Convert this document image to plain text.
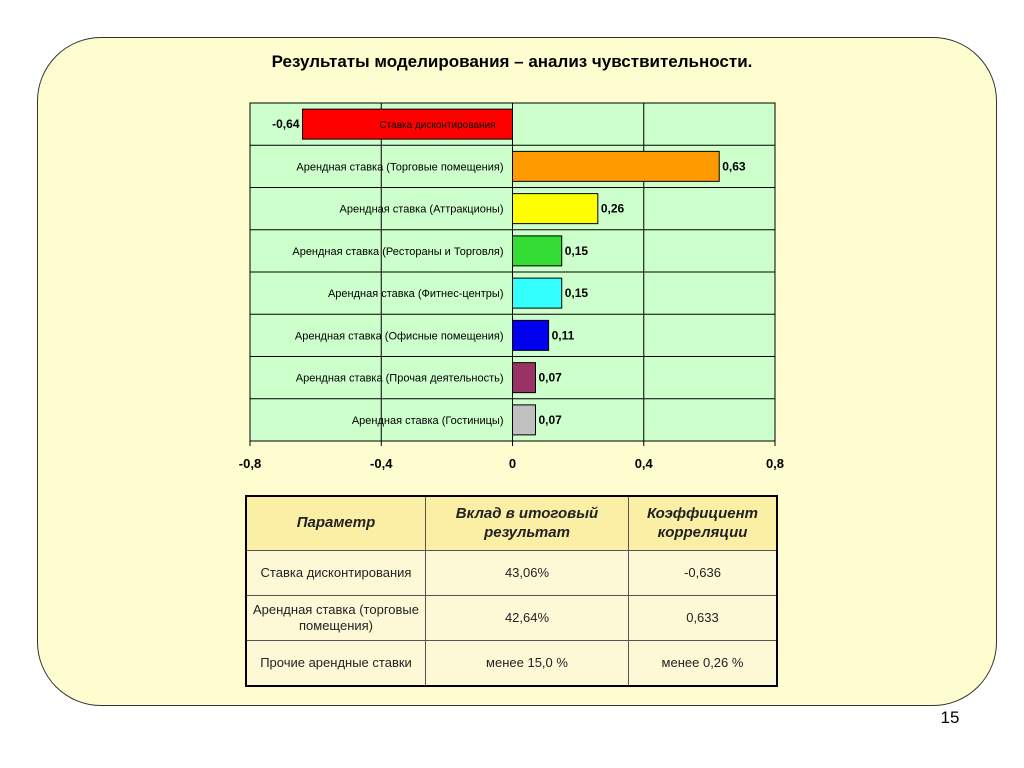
Результаты моделирования – анализ чувствительности.
-0,8	-0,4	0	0,4	0,8
Ставка дисконтирования
-0,64
Арендная ставка (Торговые помещения)	0,63
Арендная ставка (Аттракционы)	0,26
Арендная ставка (Рестораны и Торговля)	0,15
Арендная ставка (Фитнес-центры)	0,15
Арендная ставка (Офисные помещения)	0,11
Арендная ставка (Прочая деятельность)	0,07
Арендная ставка (Гостиницы)	0,07
Параметр	Вклад в итоговый результат	Коэффициент корреляции
Ставка дисконтирования	43,06%	-0,636
Арендная ставка (торговые помещения)	42,64%	0,633
Прочие арендные ставки	менее 15,0 %	менее 0,26 %
15
